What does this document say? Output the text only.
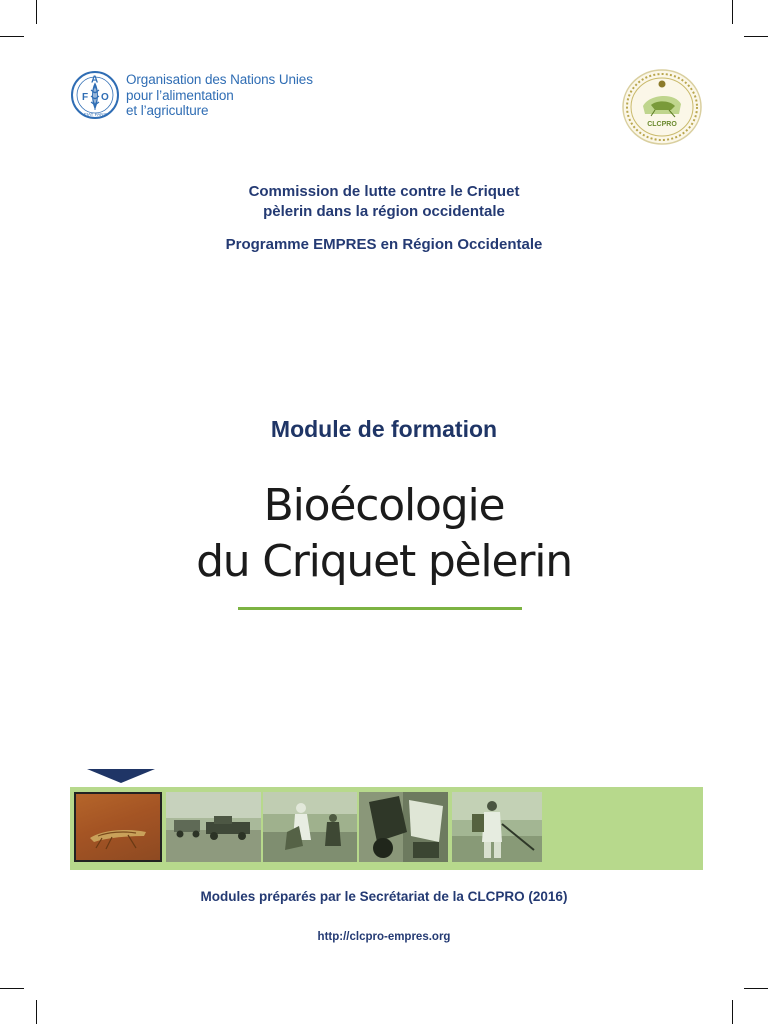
F
A
O
FIAT PANIS
Organisation des Nations Unies
pour l’alimentation
et l’agriculture
CLCPRO
Commission de lutte contre le Criquet
pèlerin dans la région occidentale
Programme EMPRES en Région Occidentale
Module de formation
Bioécologie
du Criquet pèlerin
Modules préparés par le Secrétariat de la CLCPRO (2016)
http://clcpro-empres.org
